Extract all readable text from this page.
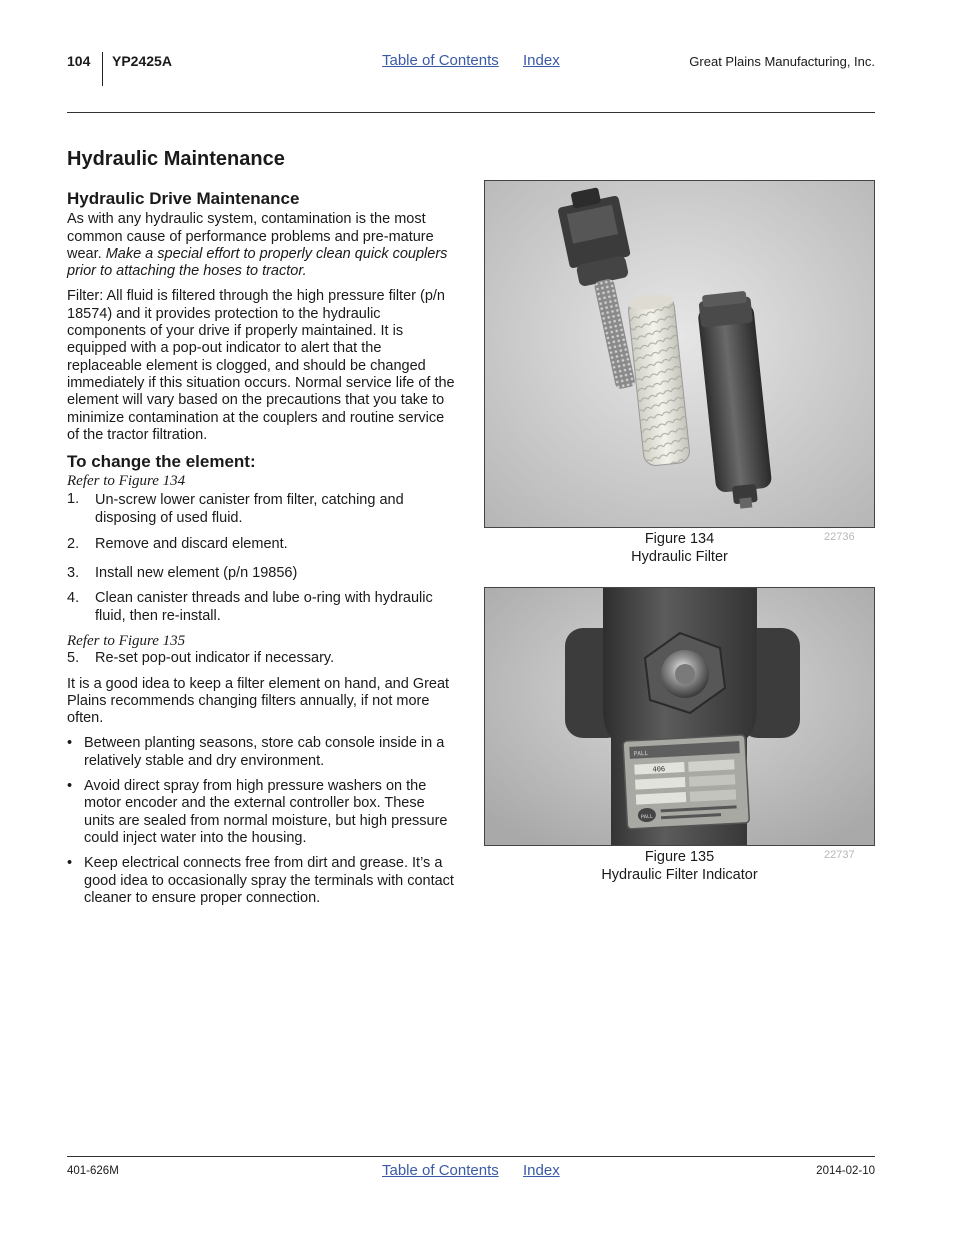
104 YP2425A	Table of Contents Index	Great Plains Manufacturing, Inc.
Hydraulic Maintenance
Hydraulic Drive Maintenance

As with any hydraulic system, contamination is the most common cause of performance problems and pre-mature wear. Make a special effort to properly clean quick couplers prior to attaching the hoses to tractor.

Filter: All fluid is filtered through the high pressure filter (p/n 18574) and it provides protection to the hydraulic components of your drive if properly maintained. It is equipped with a pop-out indicator to alert that the replaceable element is clogged, and should be changed immediately if this situation occurs. Normal service life of the element will vary based on the precautions that you take to minimize contamination at the couplers and routine service of the tractor filtration.

To change the element:
Refer to Figure 134
1. Un-screw lower canister from filter, catching and disposing of used fluid.
2. Remove and discard element.
3. Install new element (p/n 19856)
4. Clean canister threads and lube o-ring with hydraulic fluid, then re-install.
Refer to Figure 135
5. Re-set pop-out indicator if necessary.

It is a good idea to keep a filter element on hand, and Great Plains recommends changing filters annually, if not more often.

• Between planting seasons, store cab console inside in a relatively stable and dry environment.
• Avoid direct spray from high pressure washers on the motor encoder and the external controller box. These units are sealed from normal moisture, but high pressure could inject water into the housing.
• Keep electrical connects free from dirt and grease. It’s a good idea to occasionally spray the terminals with contact cleaner to ensure proper connection.
Figure 134
Hydraulic Filter
22736
PALL
406
PALL
Figure 135
Hydraulic Filter Indicator
22737
401-626M	Table of Contents Index	2014-02-10
